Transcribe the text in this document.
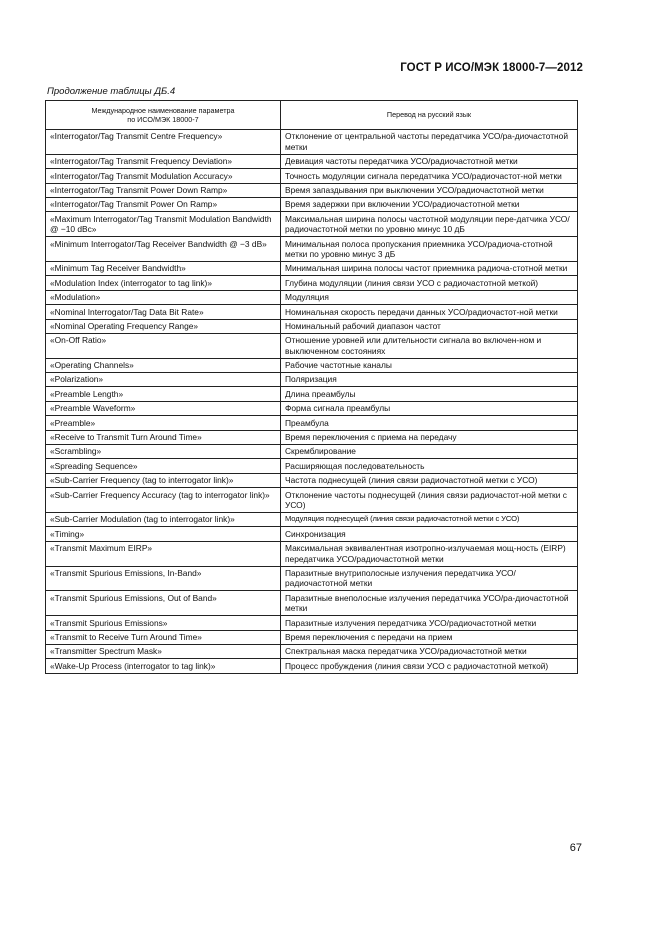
ГОСТ Р ИСО/МЭК 18000-7—2012
Продолжение таблицы ДБ.4
Международное наименование параметра
по ИСО/МЭК 18000-7	Перевод на русский язык
«Interrogator/Tag Transmit Centre Frequency»	Отклонение от центральной частоты передатчика УСО/ра-диочастотной метки
«Interrogator/Tag Transmit Frequency Deviation»	Девиация частоты передатчика УСО/радиочастотной метки
«Interrogator/Tag Transmit Modulation Accuracy»	Точность модуляции сигнала передатчика УСО/радиочастот-ной метки
«Interrogator/Tag Transmit Power Down Ramp»	Время запаздывания при выключении УСО/радиочастотной метки
«Interrogator/Tag Transmit Power On Ramp»	Время задержки при включении УСО/радиочастотной метки
«Maximum Interrogator/Tag Transmit Modulation Bandwidth @ −10 dBc»	Максимальная ширина полосы частотной модуляции пере-датчика УСО/радиочастотной метки по уровню минус 10 дБ
«Minimum Interrogator/Tag Receiver Bandwidth @ −3 dB»	Минимальная полоса пропускания приемника УСО/радиоча-стотной метки по уровню минус 3 дБ
«Minimum Tag Receiver Bandwidth»	Минимальная ширина полосы частот приемника радиоча-стотной метки
«Modulation Index (interrogator to tag link)»	Глубина модуляции (линия связи УСО с радиочастотной меткой)
«Modulation»	Модуляция
«Nominal Interrogator/Tag Data Bit Rate»	Номинальная скорость передачи данных УСО/радиочастот-ной метки
«Nominal Operating Frequency Range»	Номинальный рабочий диапазон частот
«On-Off Ratio»	Отношение уровней или длительности сигнала во включен-ном и выключенном состояниях
«Operating Channels»	Рабочие частотные каналы
«Polarization»	Поляризация
«Preamble Length»	Длина преамбулы
«Preamble Waveform»	Форма сигнала преамбулы
«Preamble»	Преамбула
«Receive to Transmit Turn Around Time»	Время переключения с приема на передачу
«Scrambling»	Скремблирование
«Spreading Sequence»	Расширяющая последовательность
«Sub-Carrier Frequency (tag to interrogator link)»	Частота поднесущей (линия связи радиочастотной метки с УСО)
«Sub-Carrier Frequency Accuracy (tag to interrogator link)»	Отклонение частоты поднесущей (линия связи радиочастот-ной метки с УСО)
«Sub-Carrier Modulation (tag to interrogator link)»	Модуляция поднесущей (линия связи радиочастотной метки с УСО)
«Timing»	Синхронизация
«Transmit Maximum EIRP»	Максимальная эквивалентная изотропно-излучаемая мощ-ность (EIRP) передатчика УСО/радиочастотной метки
«Transmit Spurious Emissions, In-Band»	Паразитные внутриполосные излучения передатчика УСО/радиочастотной метки
«Transmit Spurious Emissions, Out of Band»	Паразитные внеполосные излучения передатчика УСО/ра-диочастотной метки
«Transmit Spurious Emissions»	Паразитные излучения передатчика УСО/радиочастотной метки
«Transmit to Receive Turn Around Time»	Время переключения с передачи на прием
«Transmitter Spectrum Mask»	Спектральная маска передатчика УСО/радиочастотной метки
«Wake-Up Process (interrogator to tag link)»	Процесс пробуждения (линия связи УСО с радиочастотной меткой)
67
